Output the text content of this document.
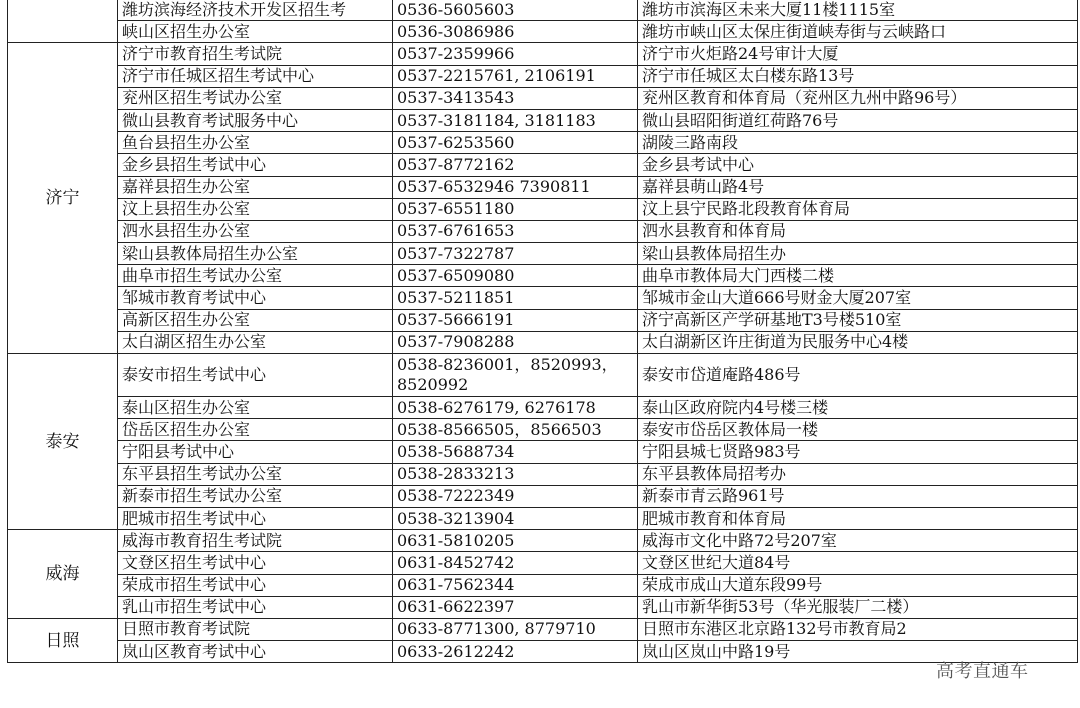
	潍坊滨海经济技术开发区招生考	0536-5605603	潍坊市滨海区未来大厦11楼1115室
	峡山区招生办公室	0536-3086986	潍坊市峡山区太保庄街道峡寿街与云峡路口
济宁	济宁市教育招生考试院	0537-2359966	济宁市火炬路24号审计大厦
	济宁市任城区招生考试中心	0537-2215761, 2106191	济宁市任城区太白楼东路13号
	兖州区招生考试办公室	0537-3413543	兖州区教育和体育局（兖州区九州中路96号）
	微山县教育考试服务中心	0537-3181184, 3181183	微山县昭阳街道红荷路76号
	鱼台县招生办公室	0537-6253560	湖陵三路南段
	金乡县招生考试中心	0537-8772162	金乡县考试中心
	嘉祥县招生办公室	0537-6532946 7390811	嘉祥县萌山路4号
	汶上县招生办公室	0537-6551180	汶上县宁民路北段教育体育局
	泗水县招生办公室	0537-6761653	泗水县教育和体育局
	梁山县教体局招生办公室	0537-7322787	梁山县教体局招生办
	曲阜市招生考试办公室	0537-6509080	曲阜市教体局大门西楼二楼
	邹城市教育考试中心	0537-5211851	邹城市金山大道666号财金大厦207室
	高新区招生办公室	0537-5666191	济宁高新区产学研基地T3号楼510室
	太白湖区招生办公室	0537-7908288	太白湖新区许庄街道为民服务中心4楼
泰安	泰安市招生考试中心	0538-8236001，8520993，8520992	泰安市岱道庵路486号
	泰山区招生办公室	0538-6276179, 6276178	泰山区政府院内4号楼三楼
	岱岳区招生办公室	0538-8566505，8566503	泰安市岱岳区教体局一楼
	宁阳县考试中心	0538-5688734	宁阳县城七贤路983号
	东平县招生考试办公室	0538-2833213	东平县教体局招考办
	新泰市招生考试办公室	0538-7222349	新泰市青云路961号
	肥城市招生考试中心	0538-3213904	肥城市教育和体育局
威海	威海市教育招生考试院	0631-5810205	威海市文化中路72号207室
	文登区招生考试中心	0631-8452742	文登区世纪大道84号
	荣成市招生考试中心	0631-7562344	荣成市成山大道东段99号
	乳山市招生考试中心	0631-6622397	乳山市新华街53号（华光服装厂二楼）
日照	日照市教育考试院	0633-8771300, 8779710	日照市东港区北京路132号市教育局2
	岚山区教育考试中心	0633-2612242	岚山区岚山中路19号
高考直通车
